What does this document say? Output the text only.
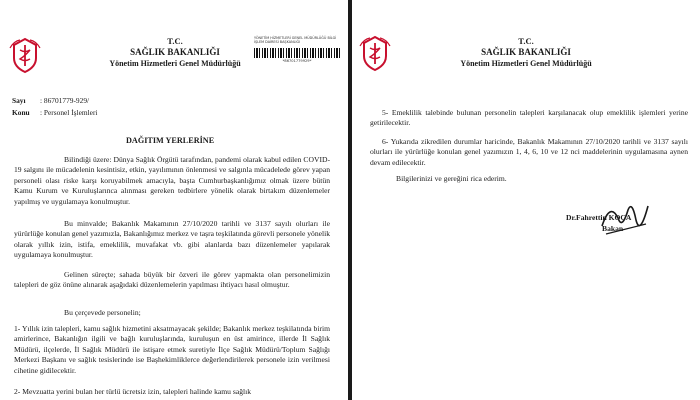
T.C.
SAĞLIK BAKANLIĞI
Yönetim Hizmetleri Genel Müdürlüğü
YÖNETİM HİZMETLERİ GENEL MÜDÜRLÜĞÜ BİLGİ İŞLEM DAİRESİ BAŞKANLIĞI
*86701779929*
Sayı : 86701779-929/
Konu : Personel İşlemleri
DAĞITIM YERLERİNE

Bilindiği üzere: Dünya Sağlık Örgütü tarafından, pandemi olarak kabul edilen COVID-19 salgını ile mücadelenin kesintisiz, etkin, yayılımının önlenmesi ve salgınla mücadelede görev yapan personeli olası riske karşı koruyabilmek amacıyla, başta Cumhurbaşkanlığımız olmak üzere bütün Kamu Kurum ve Kuruluşlarınca alınması gereken tedbirlere yönelik olarak birtakım düzenlemeler yapılmış ve uygulamaya konulmuştur.

Bu minvalde; Bakanlık Makamının 27/10/2020 tarihli ve 3137 sayılı olurları ile yürürlüğe konulan genel yazımızla, Bakanlığımız merkez ve taşra teşkilatında görevli personele yönelik olarak yıllık izin, istifa, emeklilik, muvafakat vb. gibi alanlarda bazı düzenlemeler yapılarak uygulamaya konulmuştur.

Gelinen süreçte; sahada büyük bir özveri ile görev yapmakta olan personelimizin talepleri de göz önüne alınarak aşağıdaki düzenlemelerin yapılması ihtiyacı hasıl olmuştur.

Bu çerçevede personelin;

1- Yıllık izin talepleri, kamu sağlık hizmetini aksatmayacak şekilde; Bakanlık merkez teşkilatında birim amirlerince, Bakanlığın ilgili ve bağlı kuruluşlarında, kuruluşun en üst amirince, illerde İl Sağlık Müdürü, ilçelerde, İl Sağlık Müdürü ile istişare etmek suretiyle İlçe Sağlık Müdürü/Toplum Sağlığı Merkezi Başkanı ve sağlık tesislerinde ise Başhekimliklerce değerlendirilerek personele izin verilmesi cihetine gidilecektir.

2- Mevzuatta yerini bulan her türlü ücretsiz izin, talepleri halinde kamu sağlık

T.C.
SAĞLIK BAKANLIĞI
Yönetim Hizmetleri Genel Müdürlüğü

5- Emeklilik talebinde bulunan personelin talepleri karşılanacak olup emeklilik işlemleri yerine getirilecektir.

6- Yukarıda zikredilen durumlar haricinde, Bakanlık Makamının 27/10/2020 tarihli ve 3137 sayılı olurları ile yürürlüğe konulan genel yazımızın 1, 4, 6, 10 ve 12 nci maddelerinin uygulamasına aynen devam edilecektir.

Bilgilerinizi ve gereğini rica ederim.

Dr.Fahrettin KOCA
Bakan
